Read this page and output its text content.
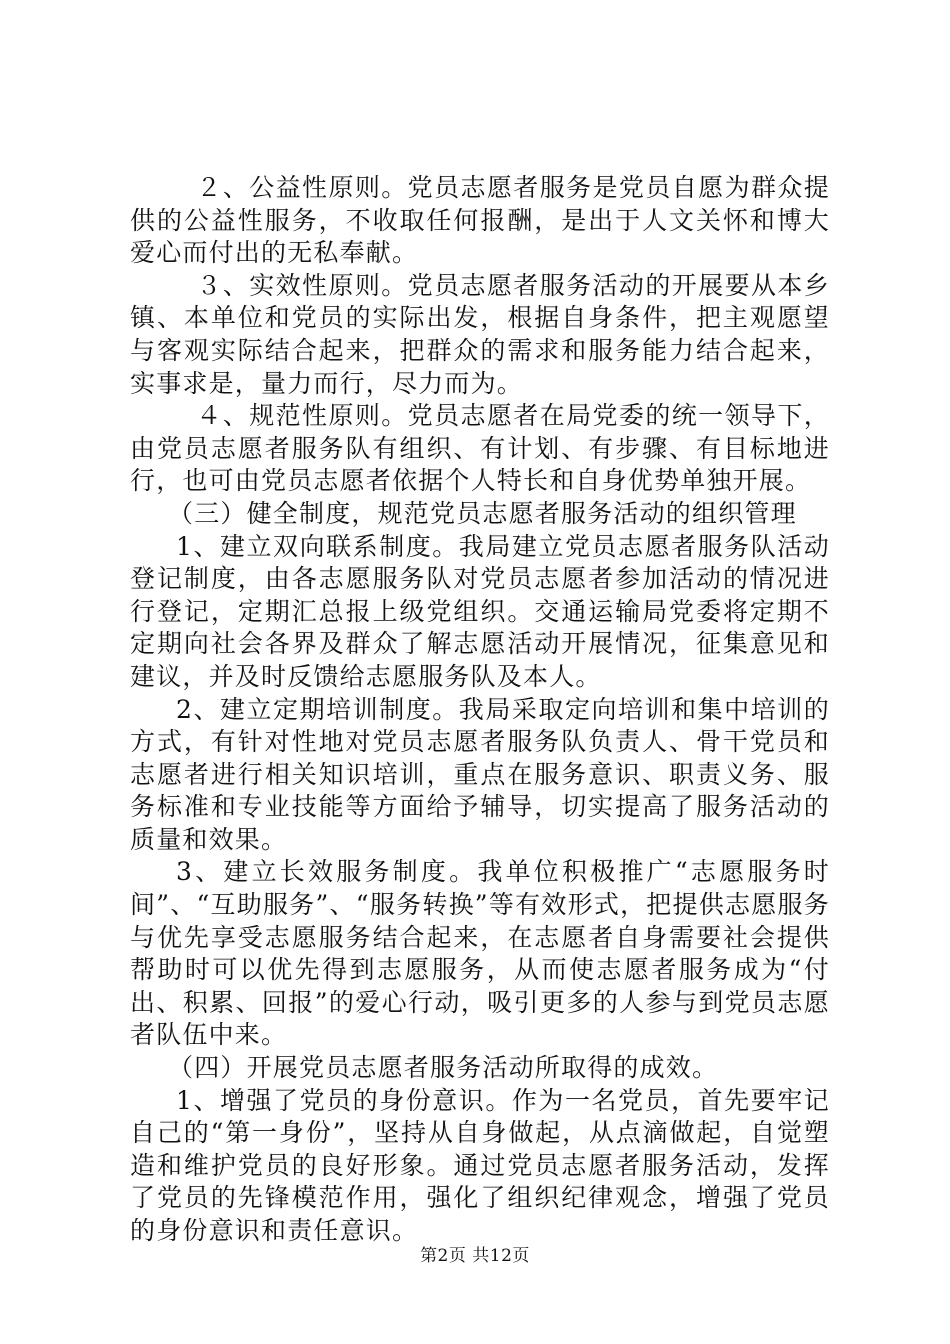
　２、公益性原则。党员志愿者服务是党员自愿为群众提供的公益性服务，不收取任何报酬，是出于人文关怀和博大爱心而付出的无私奉献。

　３、实效性原则。党员志愿者服务活动的开展要从本乡镇、本单位和党员的实际出发，根据自身条件，把主观愿望与客观实际结合起来，把群众的需求和服务能力结合起来，实事求是，量力而行，尽力而为。

　４、规范性原则。党员志愿者在局党委的统一领导下，由党员志愿者服务队有组织、有计划、有步骤、有目标地进行，也可由党员志愿者依据个人特长和自身优势单独开展。

（三）健全制度，规范党员志愿者服务活动的组织管理

1、建立双向联系制度。我局建立党员志愿者服务队活动登记制度，由各志愿服务队对党员志愿者参加活动的情况进行登记，定期汇总报上级党组织。交通运输局党委将定期不定期向社会各界及群众了解志愿活动开展情况，征集意见和建议，并及时反馈给志愿服务队及本人。

2、建立定期培训制度。我局采取定向培训和集中培训的方式，有针对性地对党员志愿者服务队负责人、骨干党员和志愿者进行相关知识培训，重点在服务意识、职责义务、服务标准和专业技能等方面给予辅导，切实提高了服务活动的质量和效果。

3、建立长效服务制度。我单位积极推广“志愿服务时间”、“互助服务”、“服务转换”等有效形式，把提供志愿服务与优先享受志愿服务结合起来，在志愿者自身需要社会提供帮助时可以优先得到志愿服务，从而使志愿者服务成为“付出、积累、回报”的爱心行动，吸引更多的人参与到党员志愿者队伍中来。

（四）开展党员志愿者服务活动所取得的成效。

1、增强了党员的身份意识。作为一名党员，首先要牢记自己的“第一身份”，坚持从自身做起，从点滴做起，自觉塑造和维护党员的良好形象。通过党员志愿者服务活动，发挥了党员的先锋模范作用，强化了组织纪律观念，增强了党员的身份意识和责任意识。

第2页 共12页
